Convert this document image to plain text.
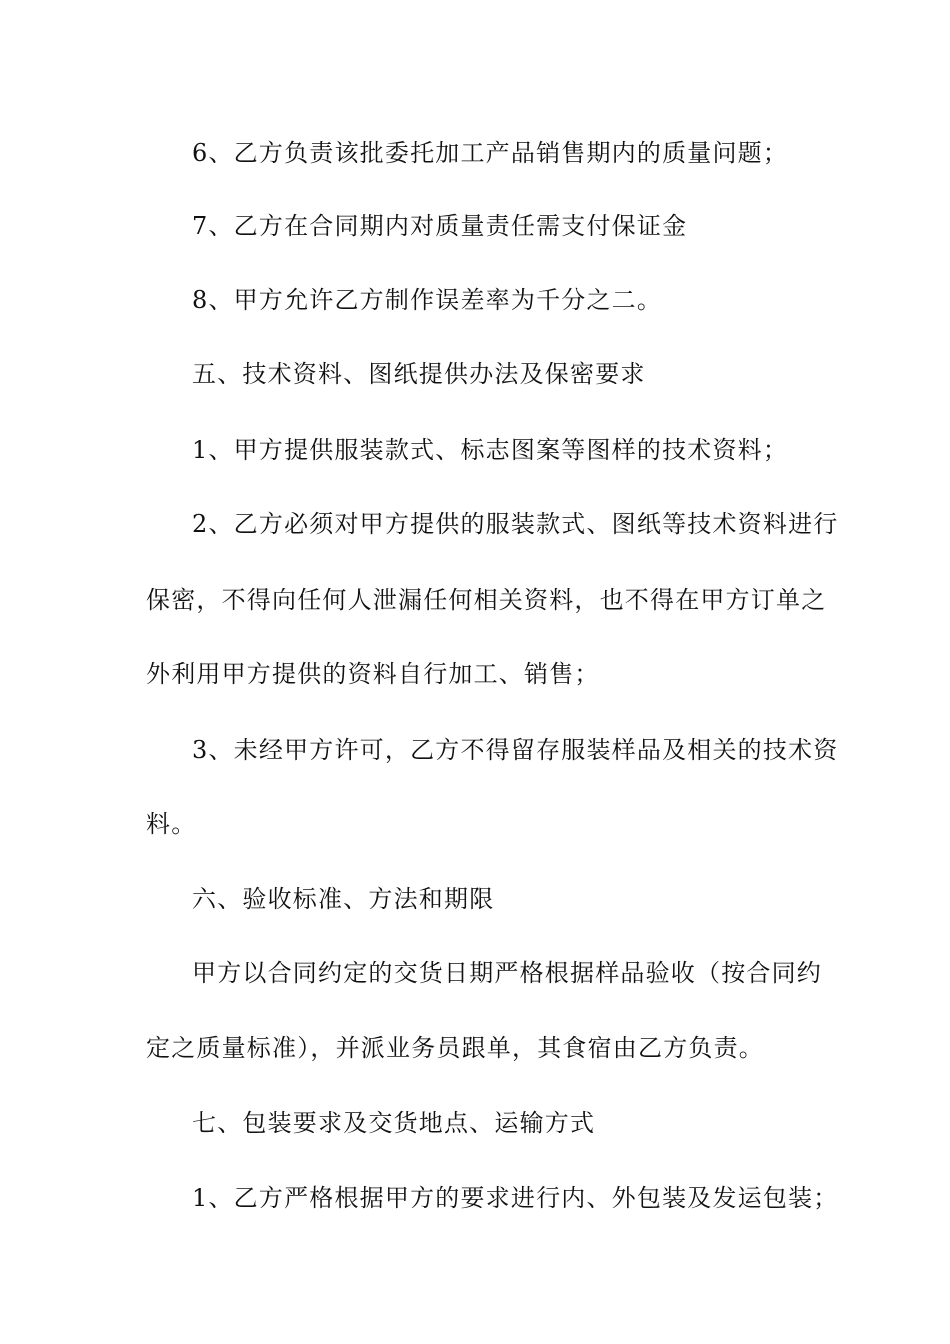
6、乙方负责该批委托加工产品销售期内的质量问题；
7、乙方在合同期内对质量责任需支付保证金
8、甲方允许乙方制作误差率为千分之二。
五、技术资料、图纸提供办法及保密要求
1、甲方提供服装款式、标志图案等图样的技术资料；
2、乙方必须对甲方提供的服装款式、图纸等技术资料进行
保密，不得向任何人泄漏任何相关资料，也不得在甲方订单之
外利用甲方提供的资料自行加工、销售；
3、未经甲方许可，乙方不得留存服装样品及相关的技术资
料。
六、验收标准、方法和期限
甲方以合同约定的交货日期严格根据样品验收（按合同约
定之质量标准），并派业务员跟单，其食宿由乙方负责。
七、包装要求及交货地点、运输方式
1、乙方严格根据甲方的要求进行内、外包装及发运包装；
